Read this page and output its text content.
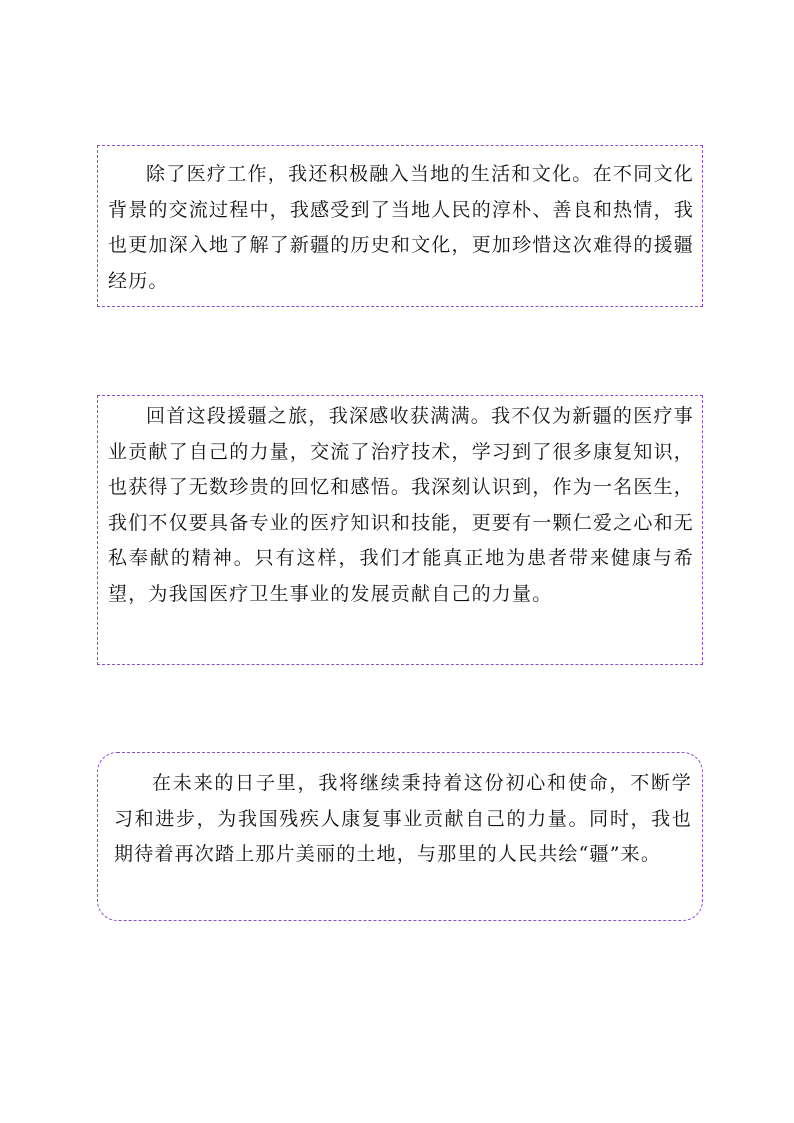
除了医疗工作，我还积极融入当地的生活和文化。在不同文化背景的交流过程中，我感受到了当地人民的淳朴、善良和热情，我也更加深入地了解了新疆的历史和文化，更加珍惜这次难得的援疆经历。

回首这段援疆之旅，我深感收获满满。我不仅为新疆的医疗事业贡献了自己的力量，交流了治疗技术，学习到了很多康复知识，也获得了无数珍贵的回忆和感悟。我深刻认识到，作为一名医生，我们不仅要具备专业的医疗知识和技能，更要有一颗仁爱之心和无私奉献的精神。只有这样，我们才能真正地为患者带来健康与希望，为我国医疗卫生事业的发展贡献自己的力量。

在未来的日子里，我将继续秉持着这份初心和使命，不断学习和进步，为我国残疾人康复事业贡献自己的力量。同时，我也期待着再次踏上那片美丽的土地，与那里的人民共绘“疆”来。
